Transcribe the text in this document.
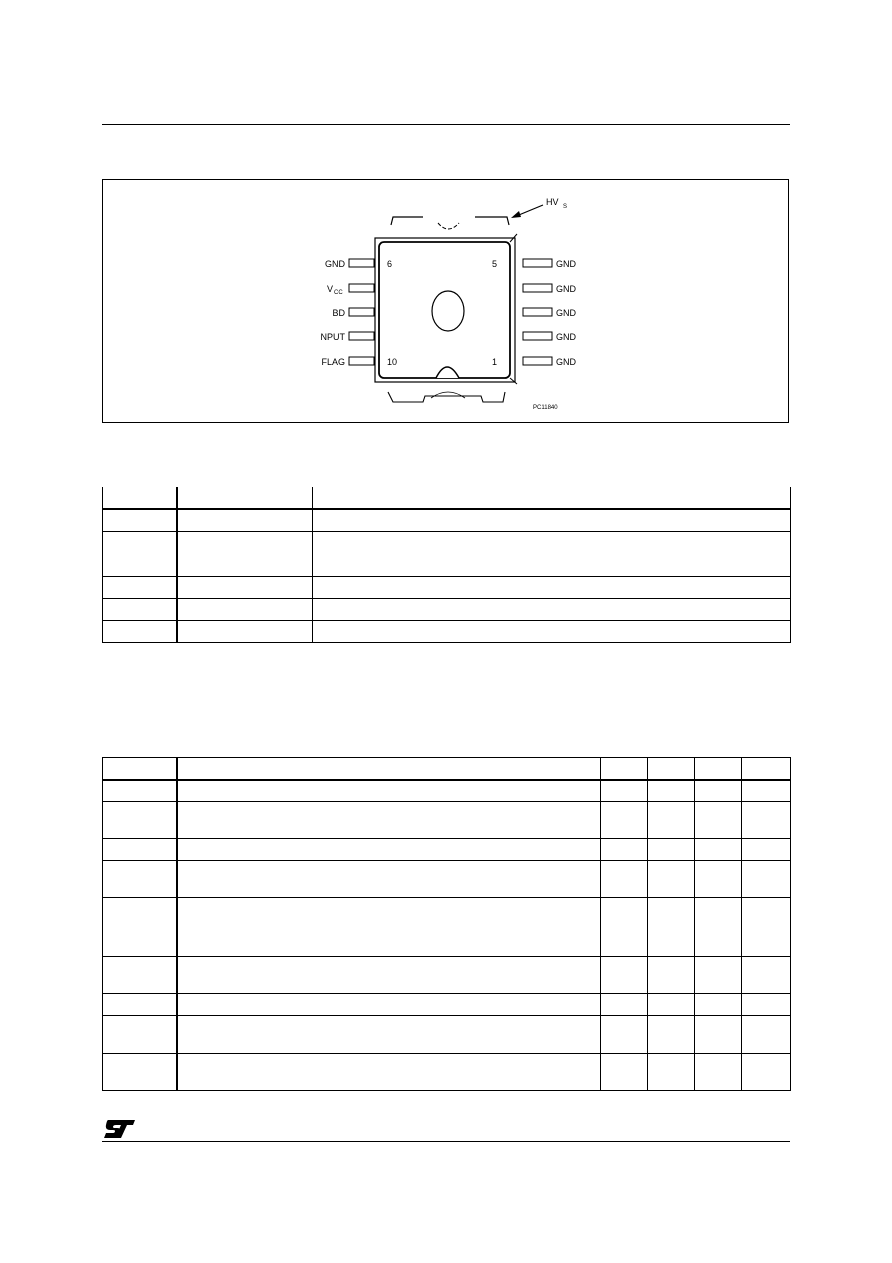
HV S
GND
V CC
BD
NPUT
FLAG
GND
GND
GND
GND
GND
6	5
10	1
PC11840
